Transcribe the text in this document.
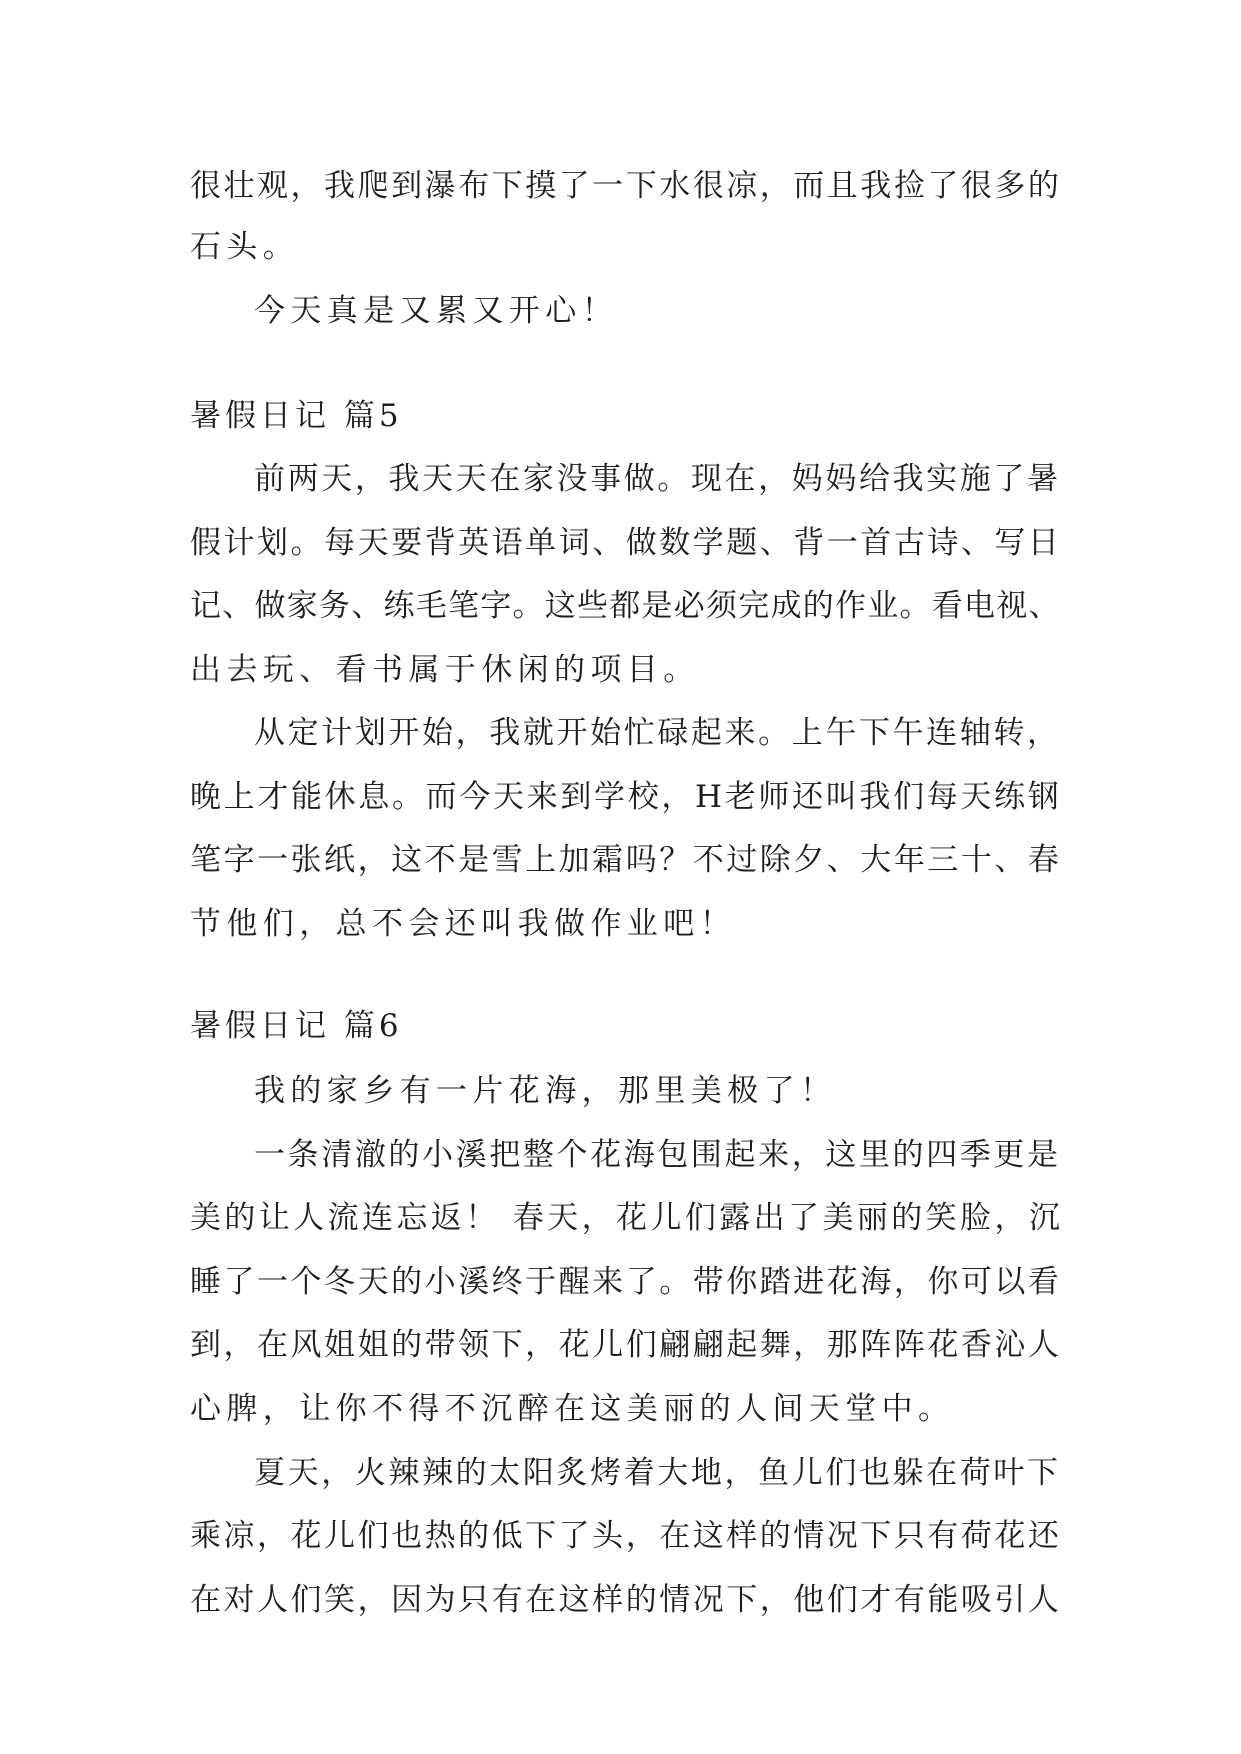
很壮观，我爬到瀑布下摸了一下水很凉，而且我捡了很多的

石头。

今天真是又累又开心！

暑假日记 篇5

前两天，我天天在家没事做。现在，妈妈给我实施了暑

假计划。每天要背英语单词、做数学题、背一首古诗、写日

记、做家务、练毛笔字。这些都是必须完成的作业。看电视、

出去玩、看书属于休闲的项目。

从定计划开始，我就开始忙碌起来。上午下午连轴转，

晚上才能休息。而今天来到学校，H老师还叫我们每天练钢

笔字一张纸，这不是雪上加霜吗？不过除夕、大年三十、春

节他们，总不会还叫我做作业吧！

暑假日记 篇6

我的家乡有一片花海，那里美极了！

一条清澈的小溪把整个花海包围起来，这里的四季更是

美的让人流连忘返！ 春天，花儿们露出了美丽的笑脸，沉

睡了一个冬天的小溪终于醒来了。带你踏进花海，你可以看

到，在风姐姐的带领下，花儿们翩翩起舞，那阵阵花香沁人

心脾，让你不得不沉醉在这美丽的人间天堂中。

夏天，火辣辣的太阳炙烤着大地，鱼儿们也躲在荷叶下

乘凉，花儿们也热的低下了头，在这样的情况下只有荷花还

在对人们笑，因为只有在这样的情况下，他们才有能吸引人
